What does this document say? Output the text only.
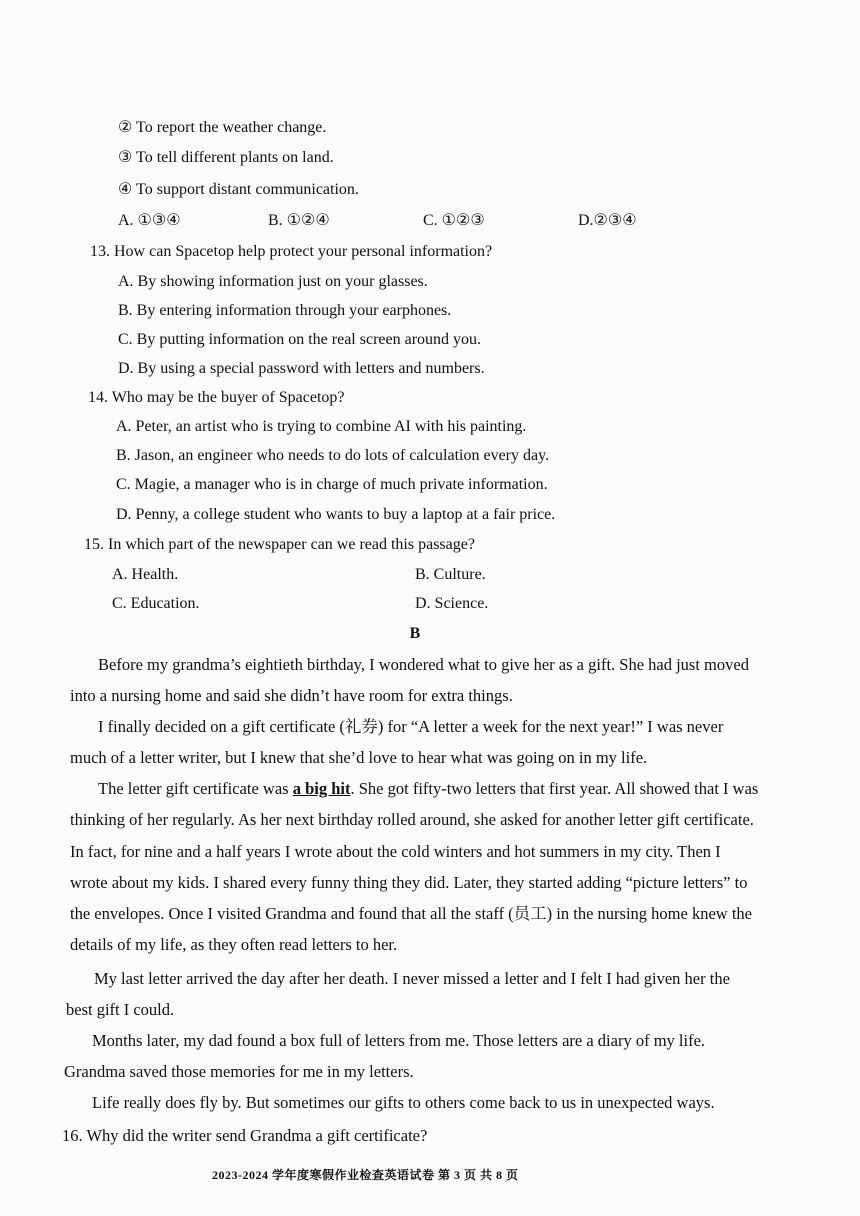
② To report the weather change.
③ To tell different plants on land.
④ To support distant communication.
A. ①③④	B. ①②④	C. ①②③	D.②③④
13. How can Spacetop help protect your personal information?
A. By showing information just on your glasses.
B. By entering information through your earphones.
C. By putting information on the real screen around you.
D. By using a special password with letters and numbers.
14. Who may be the buyer of Spacetop?
A. Peter, an artist who is trying to combine AI with his painting.
B. Jason, an engineer who needs to do lots of calculation every day.
C. Magie, a manager who is in charge of much private information.
D. Penny, a college student who wants to buy a laptop at a fair price.
15. In which part of the newspaper can we read this passage?
A. Health.	B. Culture.
C. Education.	D. Science.
B
Before my grandma’s eightieth birthday, I wondered what to give her as a gift. She had just moved into a nursing home and said she didn’t have room for extra things.
I finally decided on a gift certificate (礼券) for “A letter a week for the next year!” I was never much of a letter writer, but I knew that she’d love to hear what was going on in my life.
The letter gift certificate was a big hit. She got fifty-two letters that first year. All showed that I was thinking of her regularly. As her next birthday rolled around, she asked for another letter gift certificate. In fact, for nine and a half years I wrote about the cold winters and hot summers in my city. Then I wrote about my kids. I shared every funny thing they did. Later, they started adding “picture letters” to the envelopes. Once I visited Grandma and found that all the staff (员工) in the nursing home knew the details of my life, as they often read letters to her.
My last letter arrived the day after her death. I never missed a letter and I felt I had given her the best gift I could.
Months later, my dad found a box full of letters from me. Those letters are a diary of my life. Grandma saved those memories for me in my letters.
Life really does fly by. But sometimes our gifts to others come back to us in unexpected ways.
16. Why did the writer send Grandma a gift certificate?
2023-2024 学年度寒假作业检查英语试卷 第 3 页 共 8 页
